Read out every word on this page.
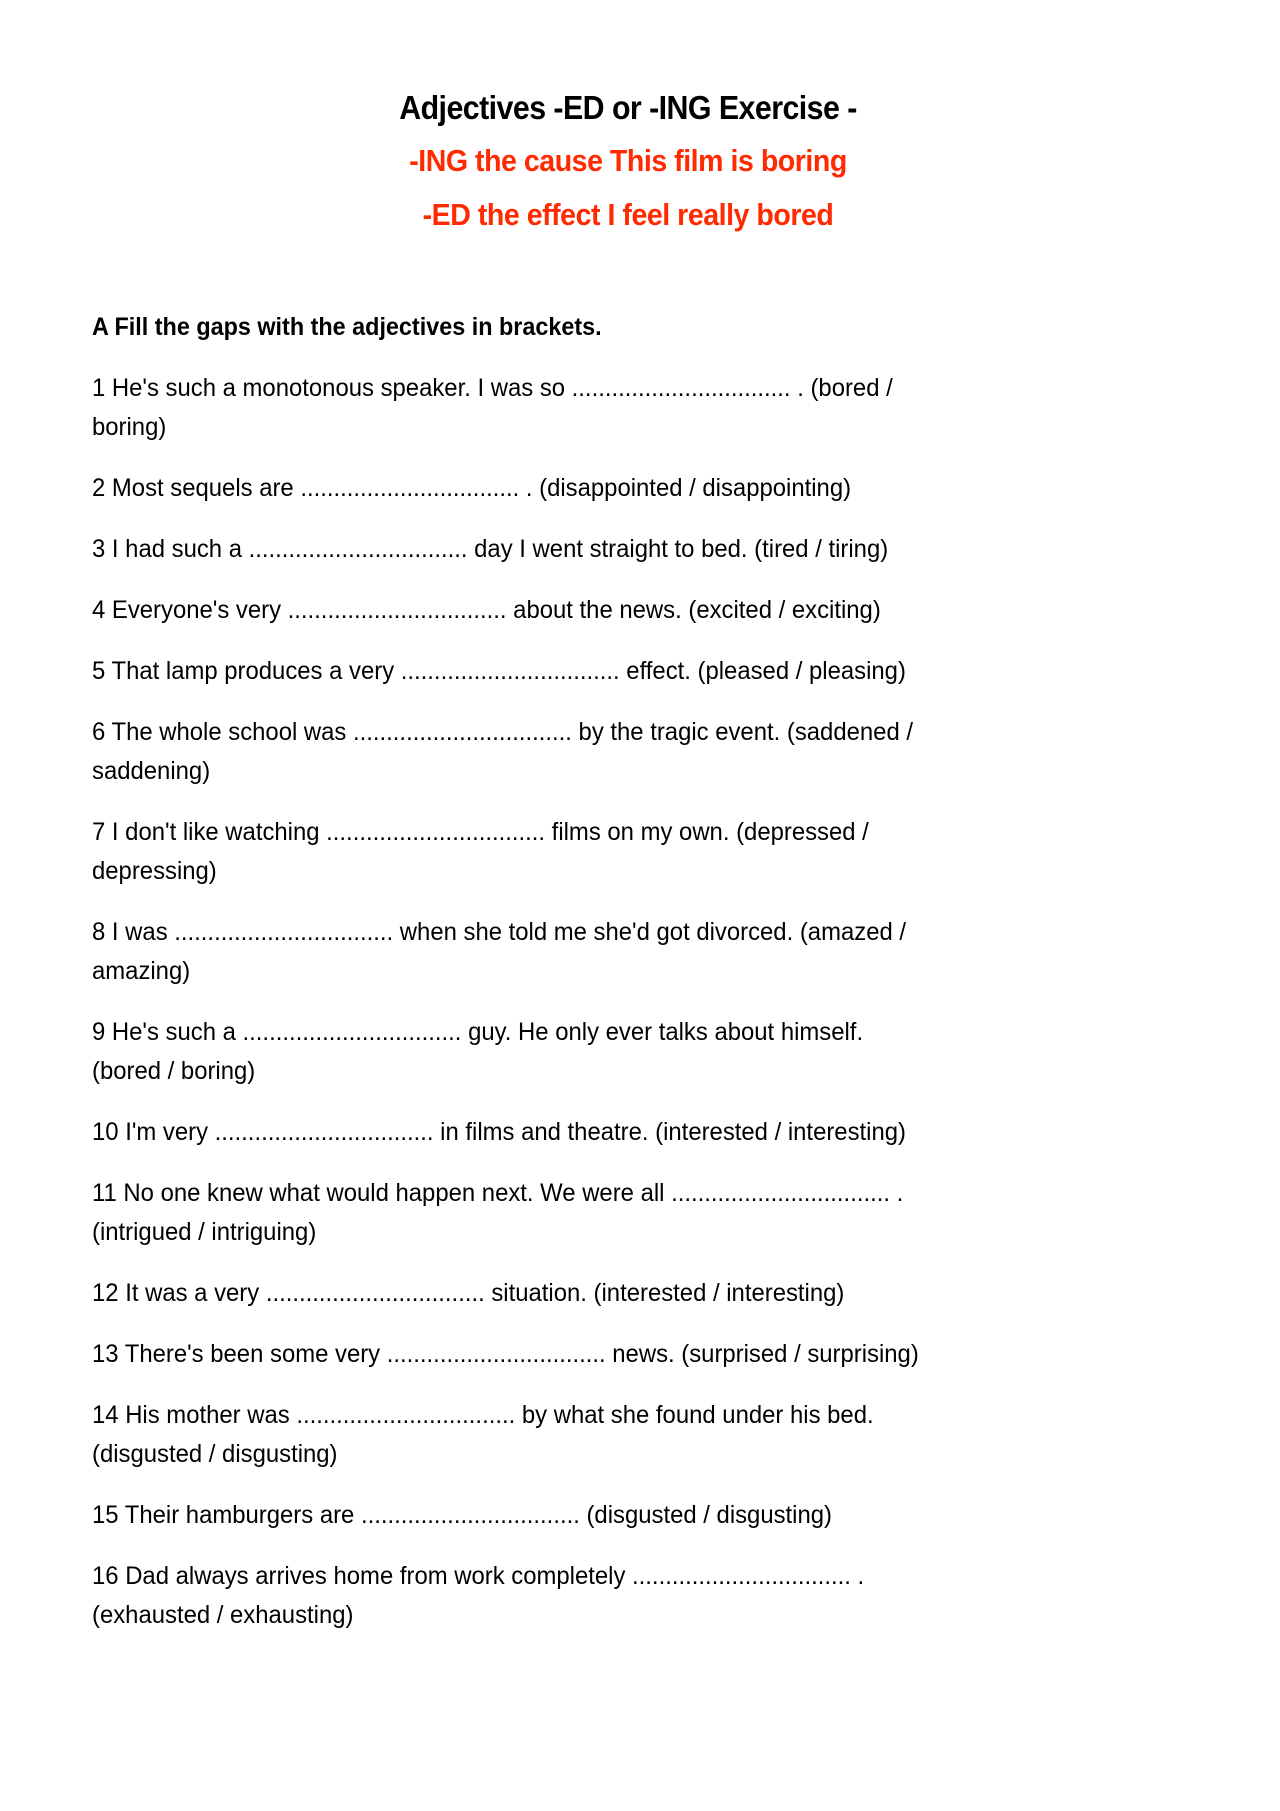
Adjectives -ED or -ING Exercise -
-ING the cause This film is boring
-ED the effect I feel really bored
A Fill the gaps with the adjectives in brackets.
1 He's such a monotonous speaker. I was so ................................. . (bored /
boring)
2 Most sequels are ................................. . (disappointed / disappointing)
3 I had such a ................................. day I went straight to bed. (tired / tiring)
4 Everyone's very ................................. about the news. (excited / exciting)
5 That lamp produces a very ................................. effect. (pleased / pleasing)
6 The whole school was ................................. by the tragic event. (saddened /
saddening)
7 I don't like watching ................................. films on my own. (depressed /
depressing)
8 I was ................................. when she told me she'd got divorced. (amazed /
amazing)
9 He's such a ................................. guy. He only ever talks about himself.
(bored / boring)
10 I'm very ................................. in films and theatre. (interested / interesting)
11 No one knew what would happen next. We were all ................................. .
(intrigued / intriguing)
12 It was a very ................................. situation. (interested / interesting)
13 There's been some very ................................. news. (surprised / surprising)
14 His mother was ................................. by what she found under his bed.
(disgusted / disgusting)
15 Their hamburgers are ................................. (disgusted / disgusting)
16 Dad always arrives home from work completely ................................. .
(exhausted / exhausting)
